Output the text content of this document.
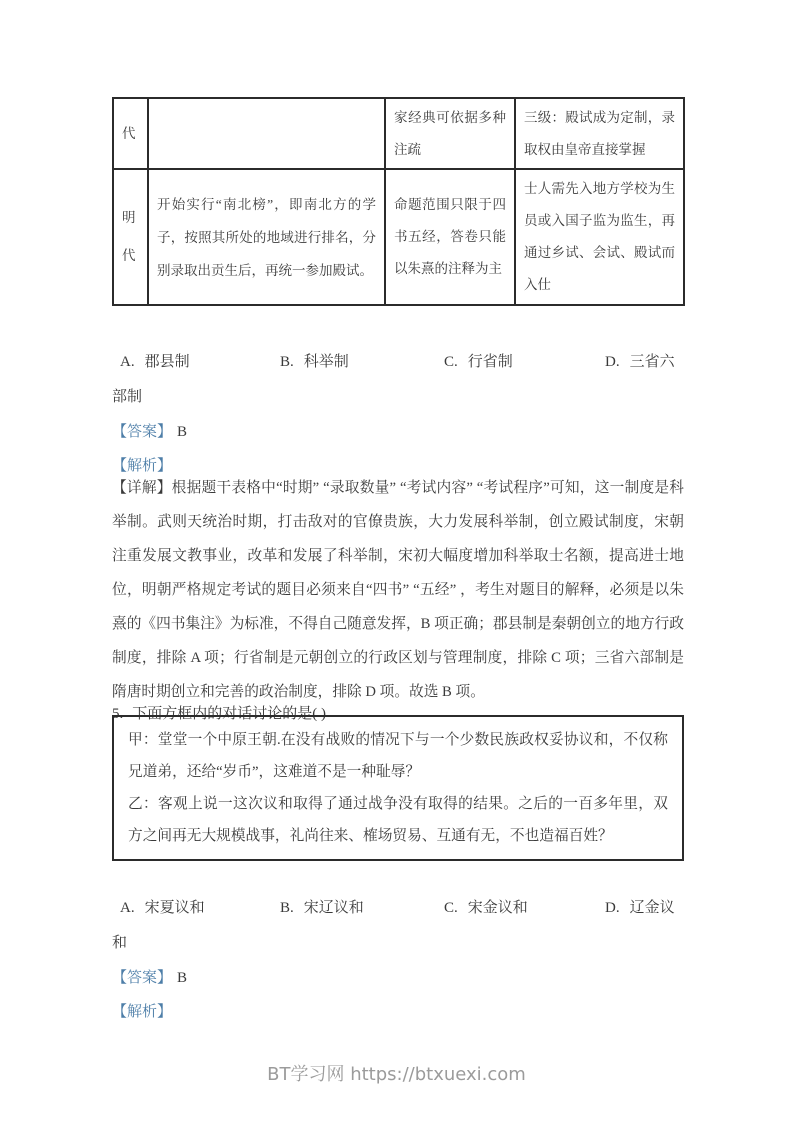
代		家经典可依据多种注疏	三级：殿试成为定制，录取权由皇帝直接掌握
明代	开始实行“南北榜”，即南北方的学子，按照其所处的地域进行排名，分别录取出贡生后，再统一参加殿试。	命题范围只限于四书五经，答卷只能以朱熹的注释为主	士人需先入地方学校为生员或入国子监为监生，再通过乡试、会试、殿试而入仕
A. 郡县制	B. 科举制	C. 行省制	D. 三省六
部制
【答案】 B
【解析】

【详解】根据题干表格中“时期” “录取数量” “考试内容” “考试程序”可知，这一制度是科举制。武则天统治时期，打击敌对的官僚贵族，大力发展科举制，创立殿试制度，宋朝注重发展文教事业，改革和发展了科举制，宋初大幅度增加科举取士名额，提高进士地位，明朝严格规定考试的题目必须来自“四书” “五经” ，考生对题目的解释，必须是以朱熹的《四书集注》为标准，不得自己随意发挥，B 项正确；郡县制是秦朝创立的地方行政制度，排除 A 项；行省制是元朝创立的行政区划与管理制度，排除 C 项；三省六部制是隋唐时期创立和完善的政治制度，排除 D 项。故选 B 项。

5. 下面方框内的对话讨论的是( )

甲：堂堂一个中原王朝.在没有战败的情况下与一个少数民族政权妥协议和，不仅称兄道弟，还给“岁币”，这难道不是一种耻辱？

乙：客观上说一这次议和取得了通过战争没有取得的结果。之后的一百多年里，双方之间再无大规模战事，礼尚往来、榷场贸易、互通有无，不也造福百姓？

A. 宋夏议和	B. 宋辽议和	C. 宋金议和	D. 辽金议
和
【答案】 B
【解析】
BT学习网 https://btxuexi.com
